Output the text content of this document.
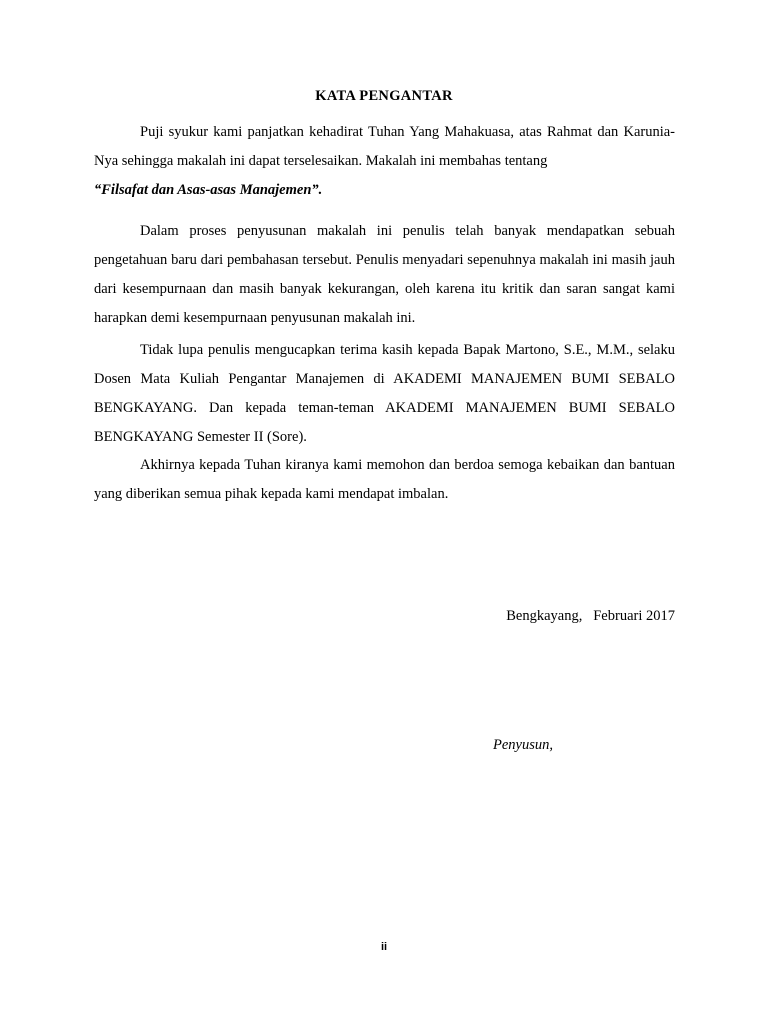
KATA PENGANTAR

Puji syukur kami panjatkan kehadirat Tuhan Yang Mahakuasa, atas Rahmat dan Karunia-Nya sehingga makalah ini dapat terselesaikan. Makalah ini membahas tentang
“Filsafat dan Asas-asas Manajemen”.

Dalam proses penyusunan makalah ini penulis telah banyak mendapatkan sebuah pengetahuan baru dari pembahasan tersebut. Penulis menyadari sepenuhnya makalah ini masih jauh dari kesempurnaan dan masih banyak kekurangan, oleh karena itu kritik dan saran sangat kami harapkan demi kesempurnaan penyusunan makalah ini.

Tidak lupa penulis mengucapkan terima kasih kepada Bapak Martono, S.E., M.M., selaku Dosen Mata Kuliah Pengantar Manajemen di AKADEMI MANAJEMEN BUMI SEBALO BENGKAYANG. Dan kepada teman-teman AKADEMI MANAJEMEN BUMI SEBALO BENGKAYANG Semester II (Sore).

Akhirnya kepada Tuhan kiranya kami memohon dan berdoa semoga kebaikan dan bantuan yang diberikan semua pihak kepada kami mendapat imbalan.

Bengkayang,   Februari 2017
Penyusun,
ii
